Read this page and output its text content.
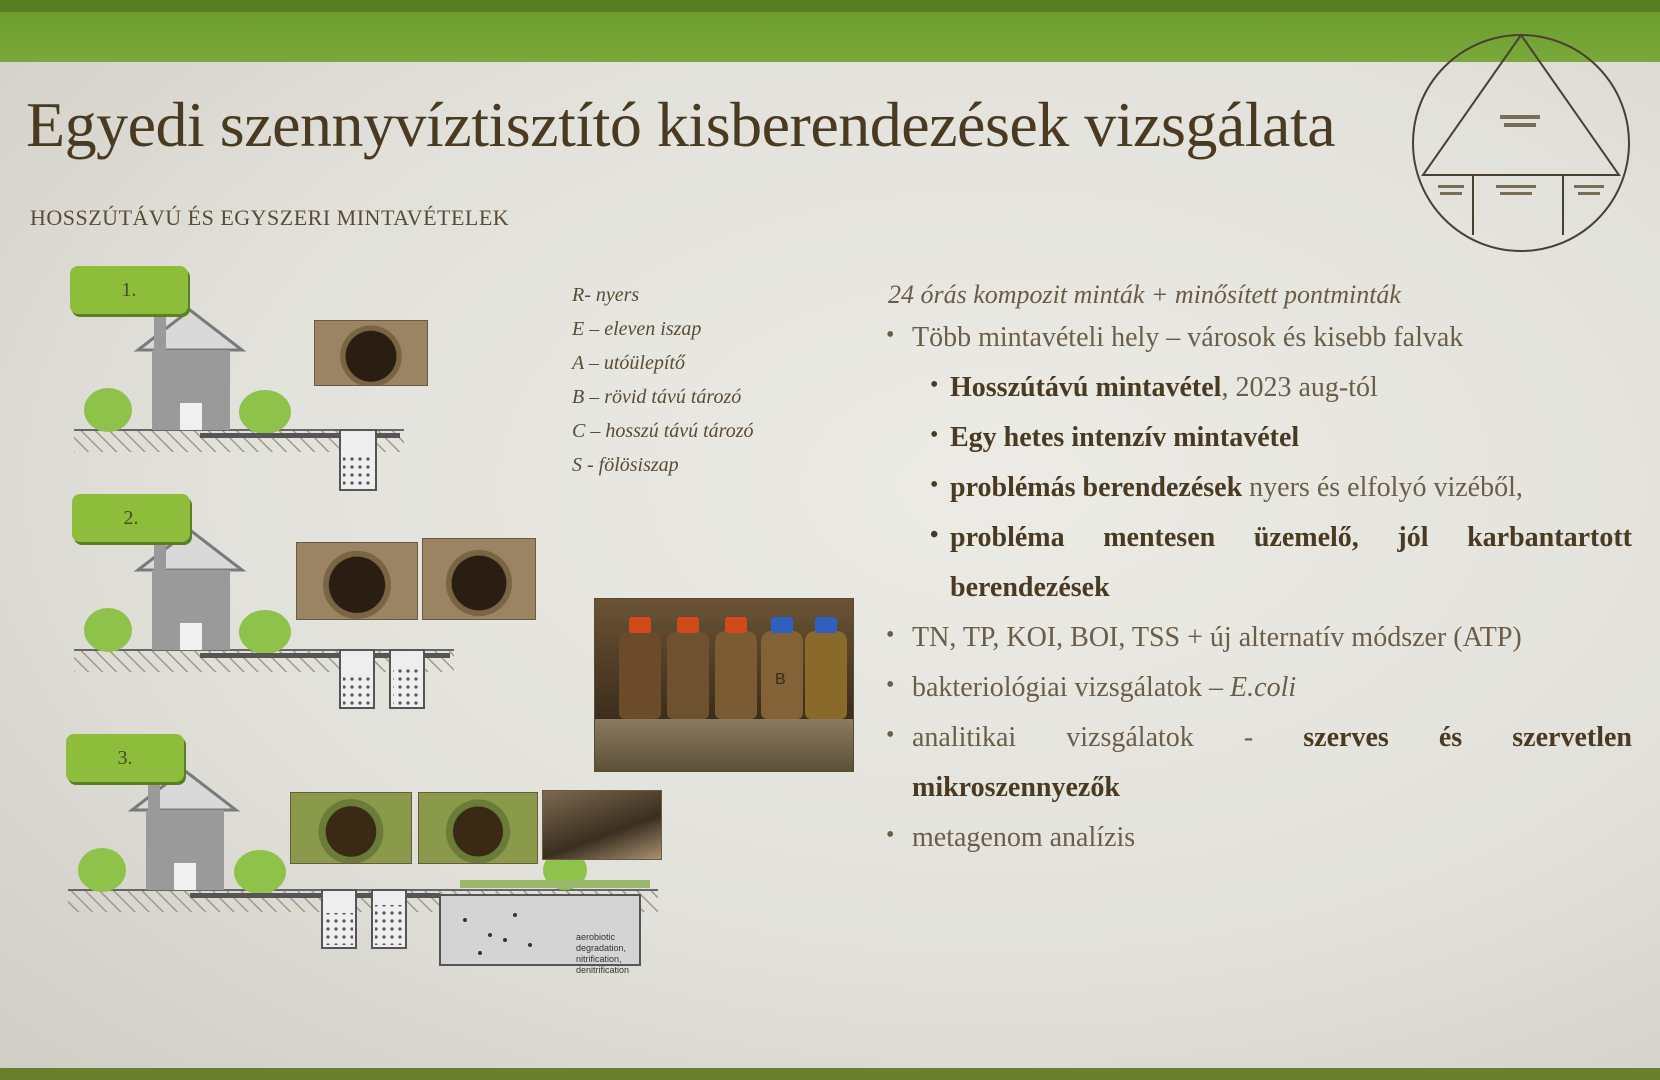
Egyedi szennyvíztisztító kisberendezések vizsgálata
HOSSZÚTÁVÚ ÉS EGYSZERI MINTAVÉTELEK
aerobiotic degradation, nitrification, denitrification
1.
2.
3.
B
R- nyers
E – eleven iszap
A – utóülepítő
B – rövid távú tározó
C – hosszú távú tározó
S - fölösiszap
24 órás kompozit minták + minősített pontminták
• Több mintavételi hely – városok és kisebb falvak
• Hosszútávú mintavétel, 2023 aug-tól
• Egy hetes intenzív mintavétel
• problémás berendezések nyers és elfolyó vizéből,
• probléma mentesen üzemelő, jól karbantartott
berendezések
• TN, TP, KOI, BOI, TSS + új alternatív módszer (ATP)
• bakteriológiai vizsgálatok – E.coli
• analitikai vizsgálatok - szerves és szervetlen
mikroszennyezők
• metagenom analízis
